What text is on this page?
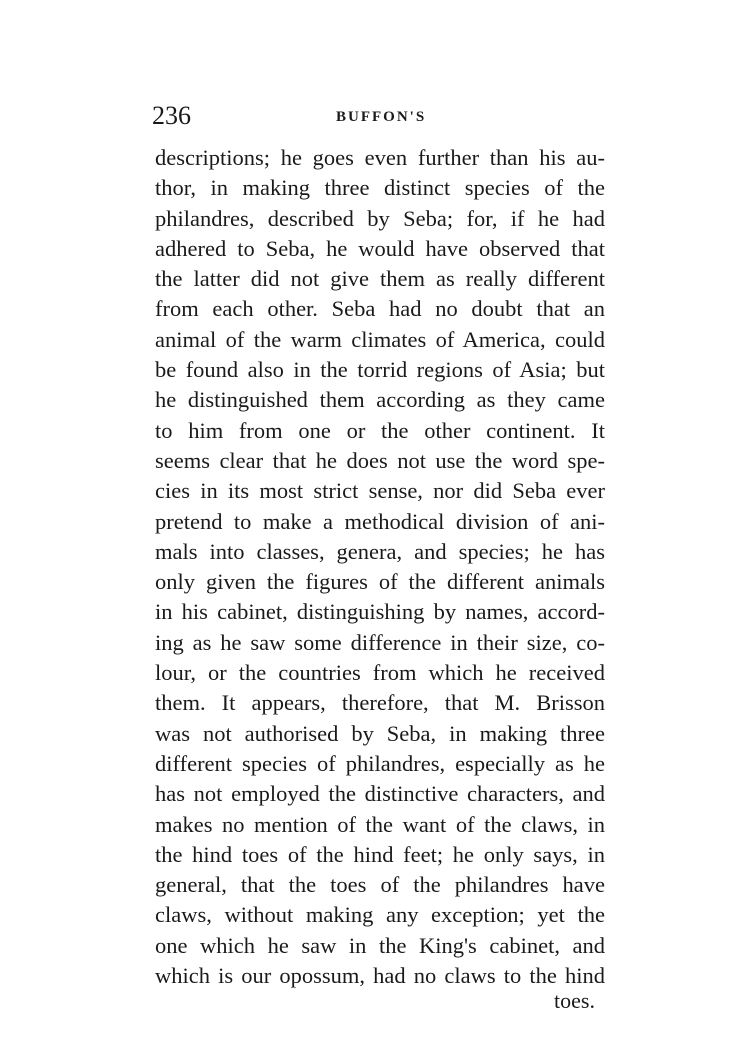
236	BUFFON'S
descriptions; he goes even further than his au-
thor, in making three distinct species of the
philandres, described by Seba; for, if he had
adhered to Seba, he would have observed that
the latter did not give them as really different
from each other. Seba had no doubt that an
animal of the warm climates of America, could
be found also in the torrid regions of Asia; but
he distinguished them according as they came
to him from one or the other continent. It
seems clear that he does not use the word spe-
cies in its most strict sense, nor did Seba ever
pretend to make a methodical division of ani-
mals into classes, genera, and species; he has
only given the figures of the different animals
in his cabinet, distinguishing by names, accord-
ing as he saw some difference in their size, co-
lour, or the countries from which he received
them. It appears, therefore, that M. Brisson
was not authorised by Seba, in making three
different species of philandres, especially as he
has not employed the distinctive characters, and
makes no mention of the want of the claws, in
the hind toes of the hind feet; he only says, in
general, that the toes of the philandres have
claws, without making any exception; yet the
one which he saw in the King's cabinet, and
which is our opossum, had no claws to the hind
toes.
